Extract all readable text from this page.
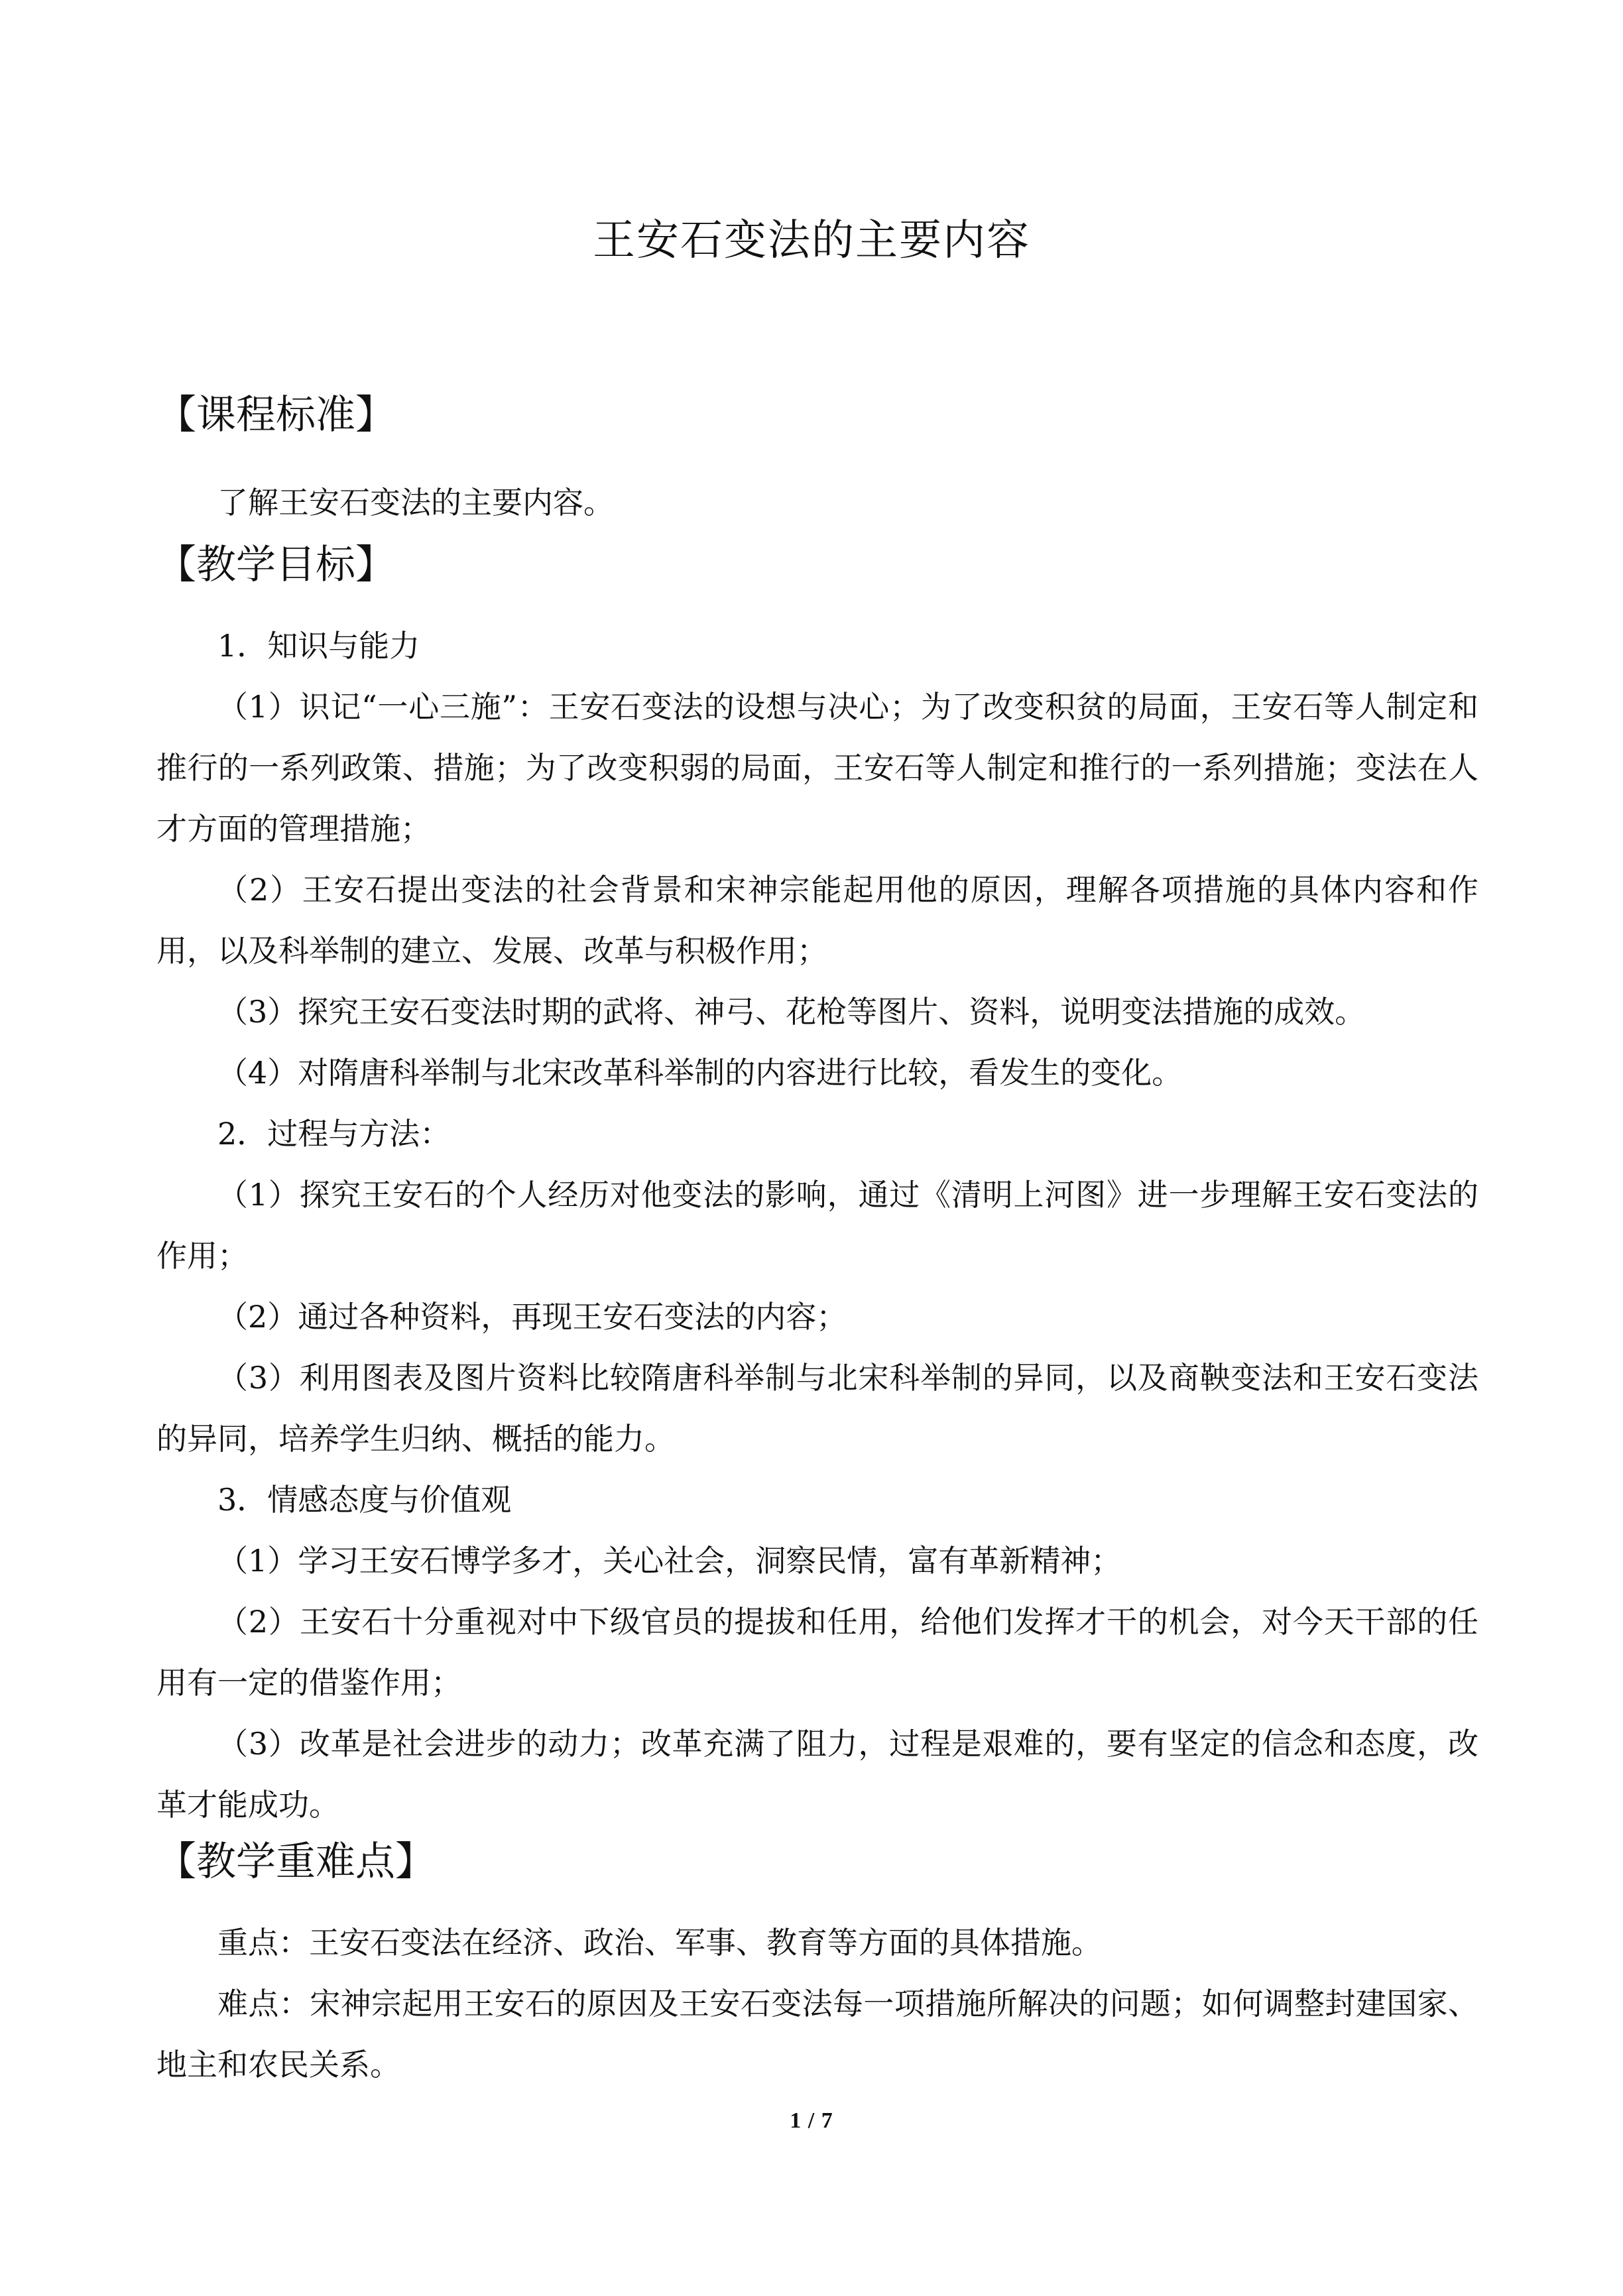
王安石变法的主要内容
【课程标准】
了解王安石变法的主要内容。
【教学目标】
1．知识与能力
（1）识记“一心三施”：王安石变法的设想与决心；为了改变积贫的局面，王安石等人制定和推行的一系列政策、措施；为了改变积弱的局面，王安石等人制定和推行的一系列措施；变法在人才方面的管理措施；
（2）王安石提出变法的社会背景和宋神宗能起用他的原因，理解各项措施的具体内容和作用，以及科举制的建立、发展、改革与积极作用；
（3）探究王安石变法时期的武将、神弓、花枪等图片、资料，说明变法措施的成效。
（4）对隋唐科举制与北宋改革科举制的内容进行比较，看发生的变化。
2．过程与方法：
（1）探究王安石的个人经历对他变法的影响，通过《清明上河图》进一步理解王安石变法的作用；
（2）通过各种资料，再现王安石变法的内容；
（3）利用图表及图片资料比较隋唐科举制与北宋科举制的异同，以及商鞅变法和王安石变法的异同，培养学生归纳、概括的能力。
3．情感态度与价值观
（1）学习王安石博学多才，关心社会，洞察民情，富有革新精神；
（2）王安石十分重视对中下级官员的提拔和任用，给他们发挥才干的机会，对今天干部的任用有一定的借鉴作用；
（3）改革是社会进步的动力；改革充满了阻力，过程是艰难的，要有坚定的信念和态度，改革才能成功。
【教学重难点】
重点：王安石变法在经济、政治、军事、教育等方面的具体措施。
难点：宋神宗起用王安石的原因及王安石变法每一项措施所解决的问题；如何调整封建国家、地主和农民关系。
1 / 7
